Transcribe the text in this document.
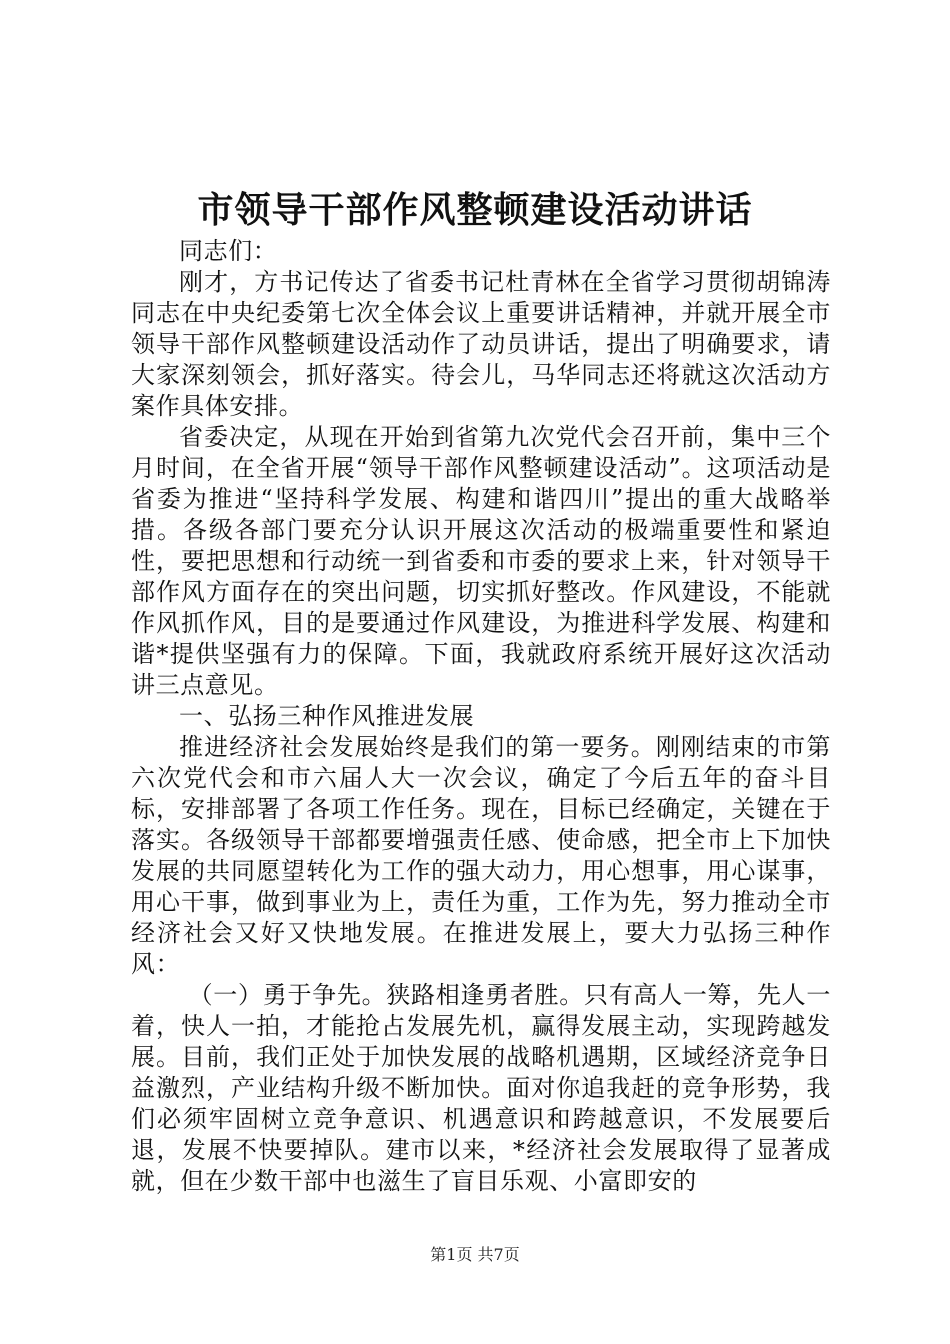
市领导干部作风整顿建设活动讲话

同志们：

刚才，方书记传达了省委书记杜青林在全省学习贯彻胡锦涛同志在中央纪委第七次全体会议上重要讲话精神，并就开展全市领导干部作风整顿建设活动作了动员讲话，提出了明确要求，请大家深刻领会，抓好落实。待会儿，马华同志还将就这次活动方案作具体安排。

省委决定，从现在开始到省第九次党代会召开前，集中三个月时间，在全省开展“领导干部作风整顿建设活动”。这项活动是省委为推进“坚持科学发展、构建和谐四川”提出的重大战略举措。各级各部门要充分认识开展这次活动的极端重要性和紧迫性，要把思想和行动统一到省委和市委的要求上来，针对领导干部作风方面存在的突出问题，切实抓好整改。作风建设，不能就作风抓作风，目的是要通过作风建设，为推进科学发展、构建和谐*提供坚强有力的保障。下面，我就政府系统开展好这次活动讲三点意见。

一、弘扬三种作风推进发展

推进经济社会发展始终是我们的第一要务。刚刚结束的市第六次党代会和市六届人大一次会议，确定了今后五年的奋斗目标，安排部署了各项工作任务。现在，目标已经确定，关键在于落实。各级领导干部都要增强责任感、使命感，把全市上下加快发展的共同愿望转化为工作的强大动力，用心想事，用心谋事，用心干事，做到事业为上，责任为重，工作为先，努力推动全市经济社会又好又快地发展。在推进发展上，要大力弘扬三种作风：

（一）勇于争先。狭路相逢勇者胜。只有高人一筹，先人一着，快人一拍，才能抢占发展先机，赢得发展主动，实现跨越发展。目前，我们正处于加快发展的战略机遇期，区域经济竞争日益激烈，产业结构升级不断加快。面对你追我赶的竞争形势，我们必须牢固树立竞争意识、机遇意识和跨越意识，不发展要后退，发展不快要掉队。建市以来，*经济社会发展取得了显著成就，但在少数干部中也滋生了盲目乐观、小富即安的

第1页 共7页
